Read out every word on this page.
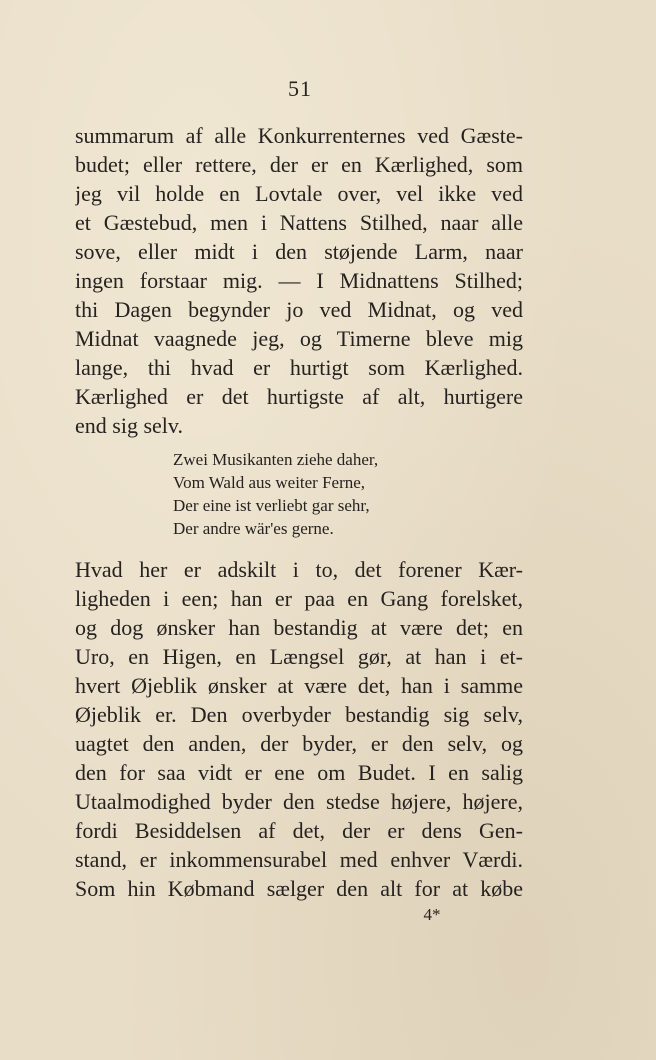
51
summarum af alle Konkurrenternes ved Gæste-
budet; eller rettere, der er en Kærlighed, som
jeg vil holde en Lovtale over, vel ikke ved
et Gæstebud, men i Nattens Stilhed, naar alle
sove, eller midt i den støjende Larm, naar
ingen forstaar mig. — I Midnattens Stilhed;
thi Dagen begynder jo ved Midnat, og ved
Midnat vaagnede jeg, og Timerne bleve mig
lange, thi hvad er hurtigt som Kærlighed.
Kærlighed er det hurtigste af alt, hurtigere
end sig selv.
Zwei Musikanten ziehe daher,
Vom Wald aus weiter Ferne,
Der eine ist verliebt gar sehr,
Der andre wär'es gerne.
Hvad her er adskilt i to, det forener Kær-
ligheden i een; han er paa en Gang forelsket,
og dog ønsker han bestandig at være det; en
Uro, en Higen, en Længsel gør, at han i et-
hvert Øjeblik ønsker at være det, han i samme
Øjeblik er. Den overbyder bestandig sig selv,
uagtet den anden, der byder, er den selv, og
den for saa vidt er ene om Budet. I en salig
Utaalmodighed byder den stedse højere, højere,
fordi Besiddelsen af det, der er dens Gen-
stand, er inkommensurabel med enhver Værdi.
Som hin Købmand sælger den alt for at købe
4*
